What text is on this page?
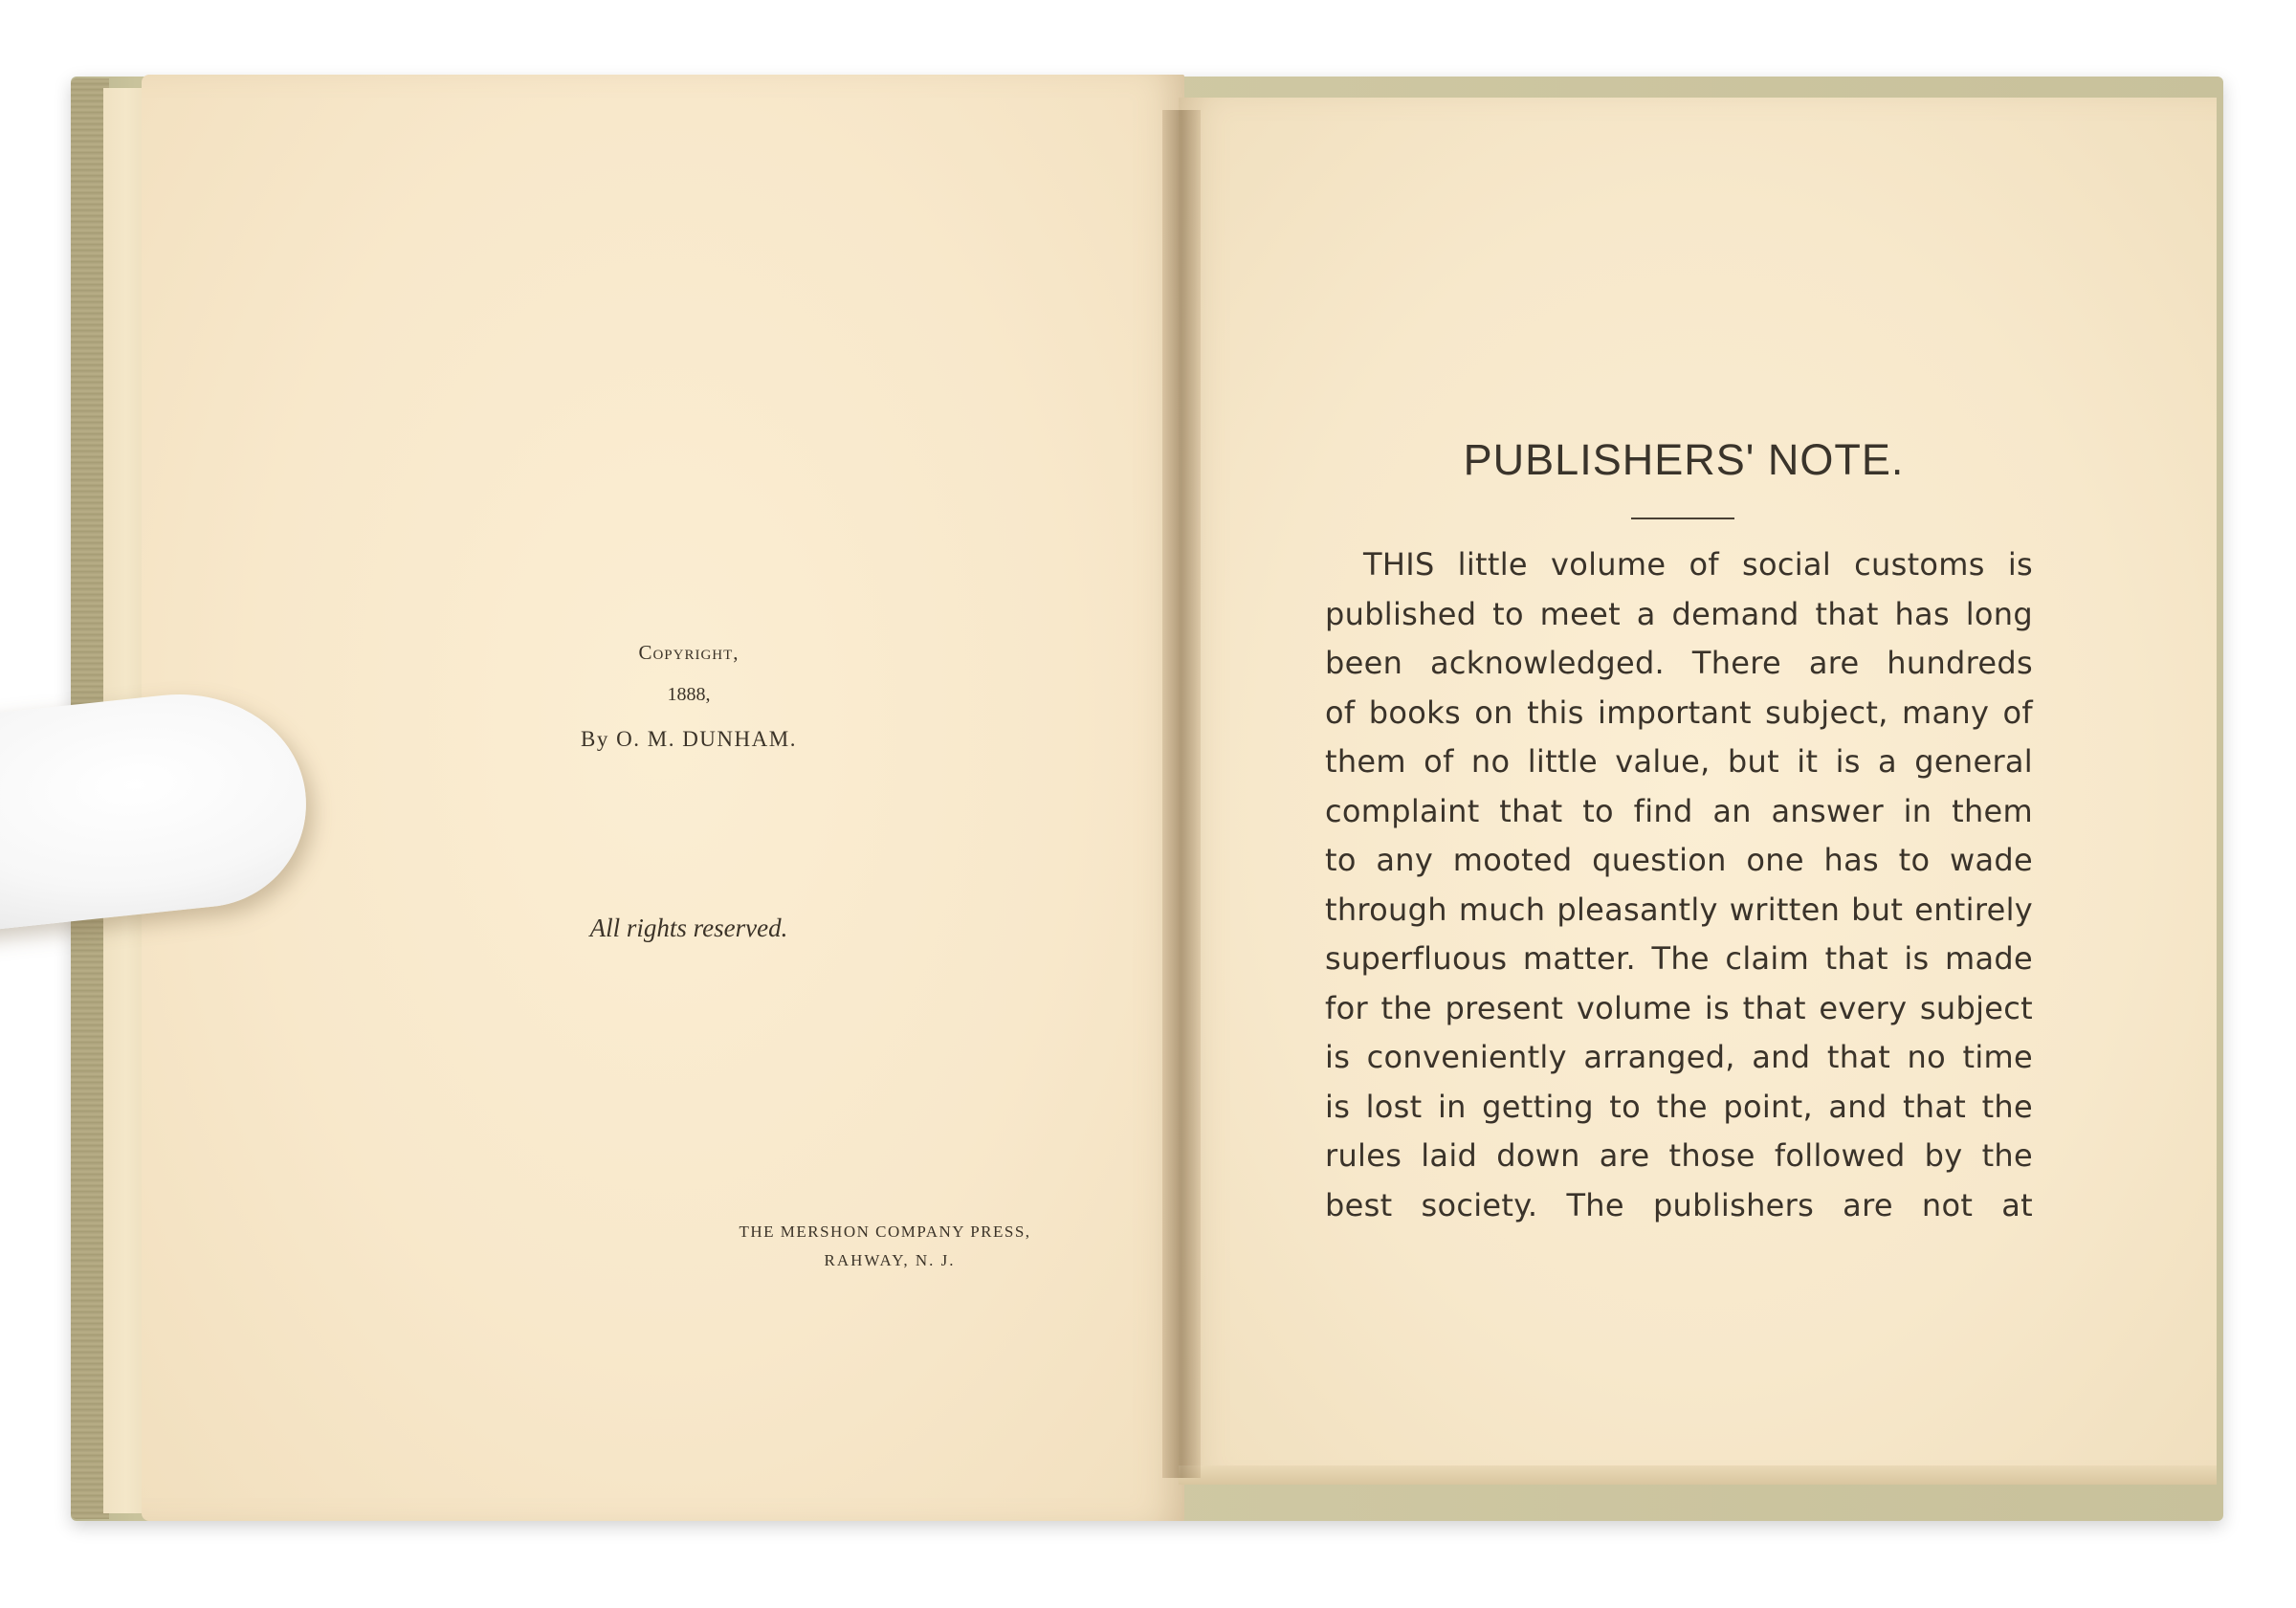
Copyright,
1888,
By O. M. DUNHAM.
All rights reserved.
THE MERSHON COMPANY PRESS,
RAHWAY, N. J.
PUBLISHERS' NOTE.
THIS little volume of social customs is
published to meet a demand that has long
been acknowledged. There are hundreds
of books on this important subject, many of
them of no little value, but it is a general
complaint that to find an answer in them
to any mooted question one has to wade
through much pleasantly written but entirely
superfluous matter. The claim that is made
for the present volume is that every subject
is conveniently arranged, and that no time
is lost in getting to the point, and that the
rules laid down are those followed by the
best society. The publishers are not at
